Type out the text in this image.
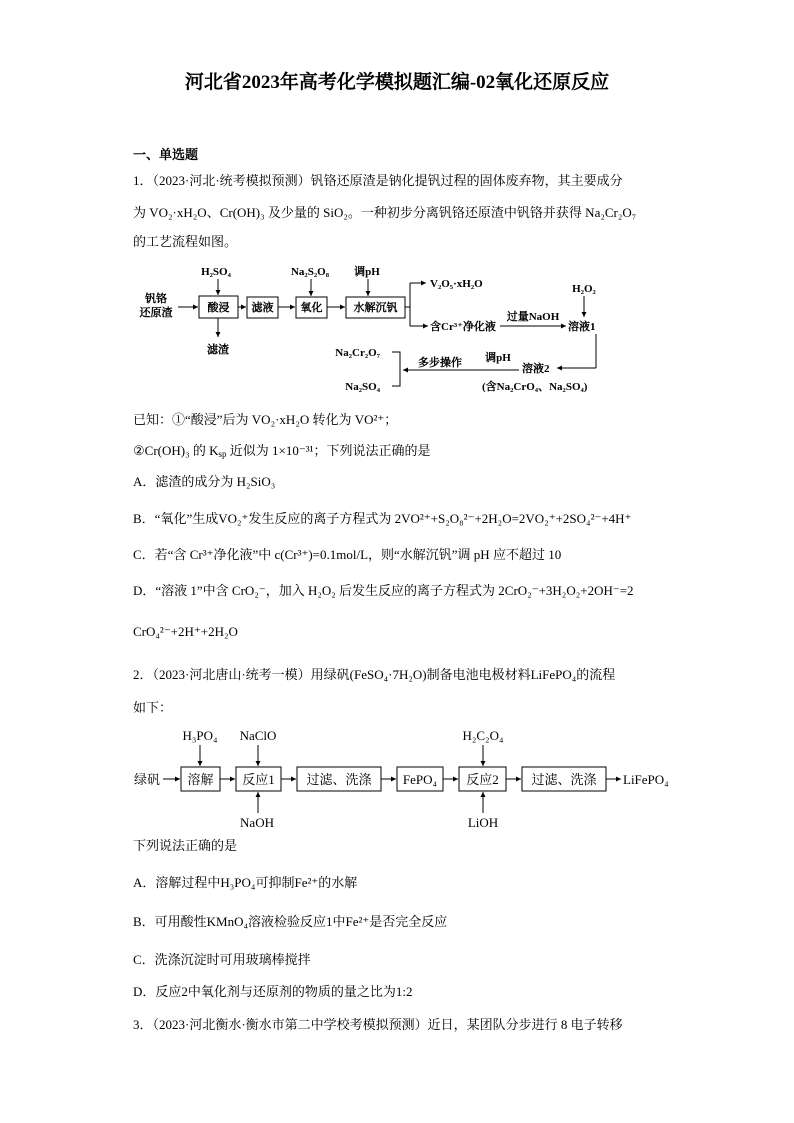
河北省2023年高考化学模拟题汇编-02氧化还原反应
一、单选题
1．（2023·河北·统考模拟预测）钒铬还原渣是钠化提钒过程的固体废弃物，其主要成分
为 VO₂·xH₂O、Cr(OH)₃ 及少量的 SiO₂。一种初步分离钒铬还原渣中钒铬并获得 Na₂Cr₂O₇
的工艺流程如图。
钒铬
还原渣
H₂SO₄
酸浸
滤渣
滤液
Na₂S₂O₈
氧化
调pH
水解沉钒
V₂O₅·xH₂O
含Cr³⁺净化液
过量NaOH
H₂O₂
溶液1
溶液2
(含Na₂CrO₄、Na₂SO₄)
调pH
多步操作
Na₂Cr₂O₇
Na₂SO₄
已知：①“酸浸”后为 VO₂·xH₂O 转化为 VO²⁺；
②Cr(OH)₃ 的 $K_{sp}$ 近似为 1×10⁻³¹；下列说法正确的是
A．滤渣的成分为 H₂SiO₃
B．“氧化”生成VO₂⁺发生反应的离子方程式为 2VO²⁺+S₂O₈²⁻+2H₂O=2VO₂⁺+2SO₄²⁻+4H⁺
C．若“含 Cr³⁺净化液”中 c(Cr³⁺)=0.1mol/L，则“水解沉钒”调 pH 应不超过 10
D．“溶液 1”中含 CrO₂⁻，加入 H₂O₂ 后发生反应的离子方程式为 2CrO₂⁻+3H₂O₂+2OH⁻=2
CrO₄²⁻+2H⁺+2H₂O
2．（2023·河北唐山·统考一模）用绿矾(FeSO₄·7H₂O)制备电池电极材料LiFePO₄的流程
如下：
H₃PO₄ NaClO	H₂C₂O₄
绿矾 溶解 反应1 过滤、洗涤 FePO₄ 反应2	过滤、洗涤 LiFePO₄
NaOH	LiOH
下列说法正确的是
A．溶解过程中H₃PO₄可抑制Fe²⁺的水解
B．可用酸性KMnO₄溶液检验反应1中Fe²⁺是否完全反应
C．洗涤沉淀时可用玻璃棒搅拌
D．反应2中氧化剂与还原剂的物质的量之比为1:2
3．（2023·河北衡水·衡水市第二中学校考模拟预测）近日，某团队分步进行 8 电子转移
